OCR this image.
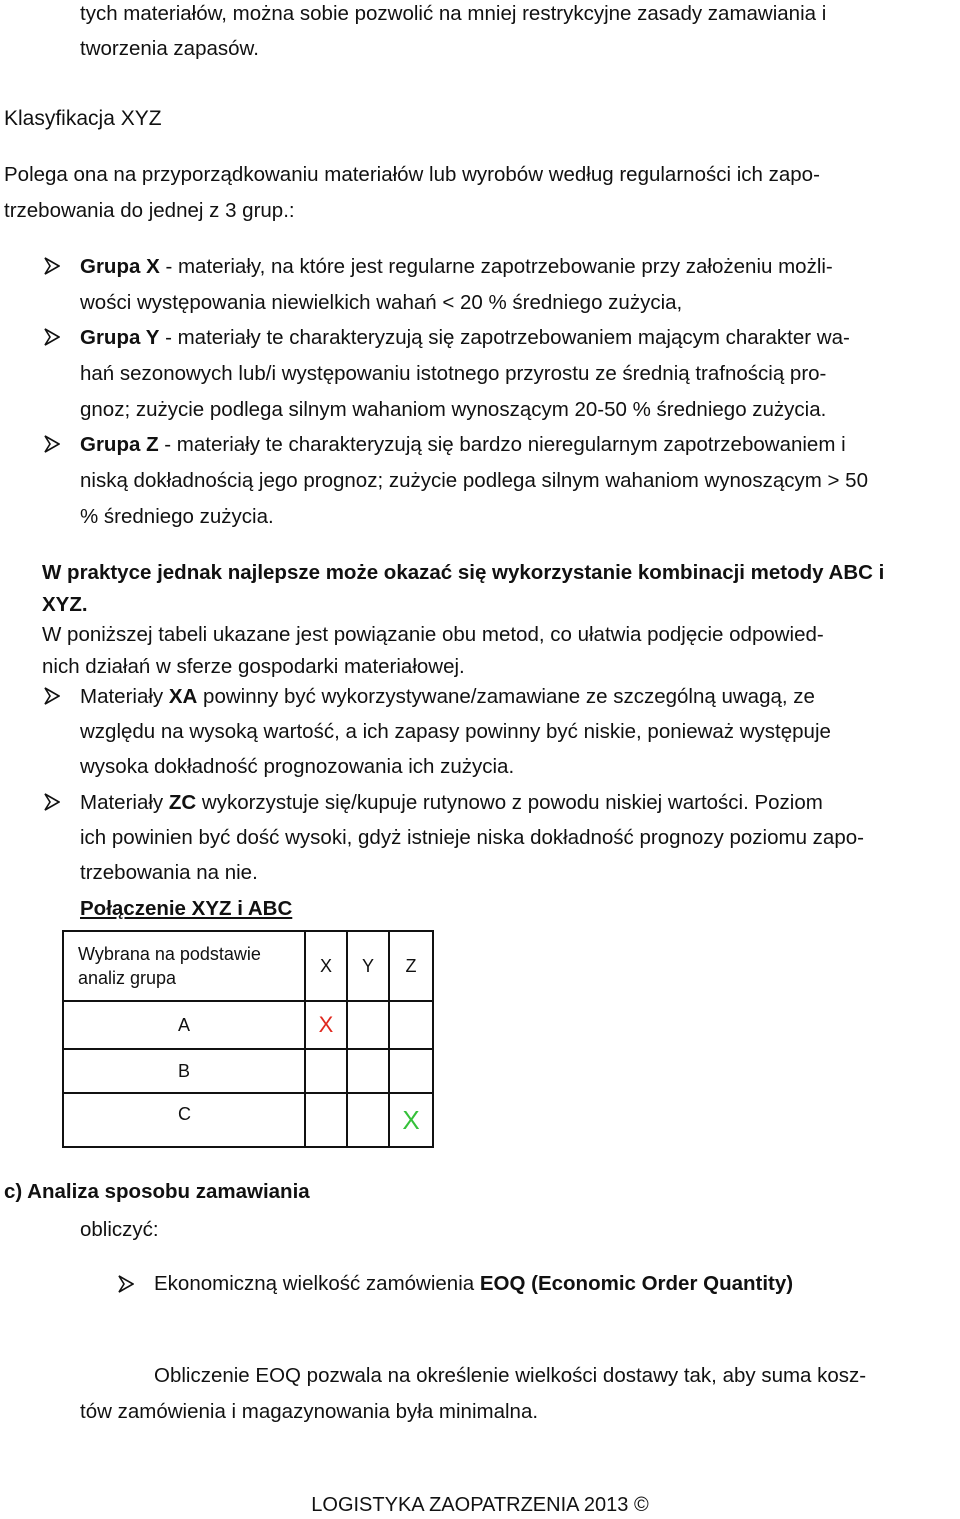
tych materiałów, można sobie pozwolić na mniej restrykcyjne zasady zamawiania i

tworzenia zapasów.

Klasyfikacja XYZ

Polega ona na przyporządkowaniu materiałów lub wyrobów według regularności ich zapo-

trzebowania do jednej z 3 grup.:

Grupa X - materiały, na które jest regularne zapotrzebowanie przy założeniu możli-

wości występowania niewielkich wahań < 20 % średniego zużycia,

Grupa Y - materiały te charakteryzują się zapotrzebowaniem mającym charakter wa-

hań sezonowych lub/i występowaniu istotnego przyrostu ze średnią trafnością pro-

gnoz; zużycie podlega silnym wahaniom wynoszącym 20-50 % średniego zużycia.

Grupa Z - materiały te charakteryzują się bardzo nieregularnym zapotrzebowaniem i

niską dokładnością jego prognoz; zużycie podlega silnym wahaniom wynoszącym > 50

% średniego zużycia.

W praktyce jednak najlepsze może okazać się wykorzystanie kombinacji metody ABC i

XYZ.

W poniższej tabeli ukazane jest powiązanie obu metod, co ułatwia podjęcie odpowied-

nich działań w sferze gospodarki materiałowej.

Materiały XA powinny być wykorzystywane/zamawiane ze szczególną uwagą, ze

względu na wysoką wartość, a ich zapasy powinny być niskie, ponieważ występuje

wysoka dokładność prognozowania ich zużycia.

Materiały ZC wykorzystuje się/kupuje rutynowo z powodu niskiej wartości. Poziom

ich powinien być dość wysoki, gdyż istnieje niska dokładność prognozy poziomu zapo-

trzebowania na nie.

Połączenie XYZ i ABC

Wybrana na podstawie
analiz grupa	X	Y	Z
A	X		
B			
C			X

c) Analiza sposobu zamawiania

obliczyć:

Ekonomiczną wielkość zamówienia EOQ (Economic Order Quantity)

Obliczenie EOQ pozwala na określenie wielkości dostawy tak, aby suma kosz-

tów zamówienia i magazynowania była minimalna.

LOGISTYKA ZAOPATRZENIA 2013 ©
